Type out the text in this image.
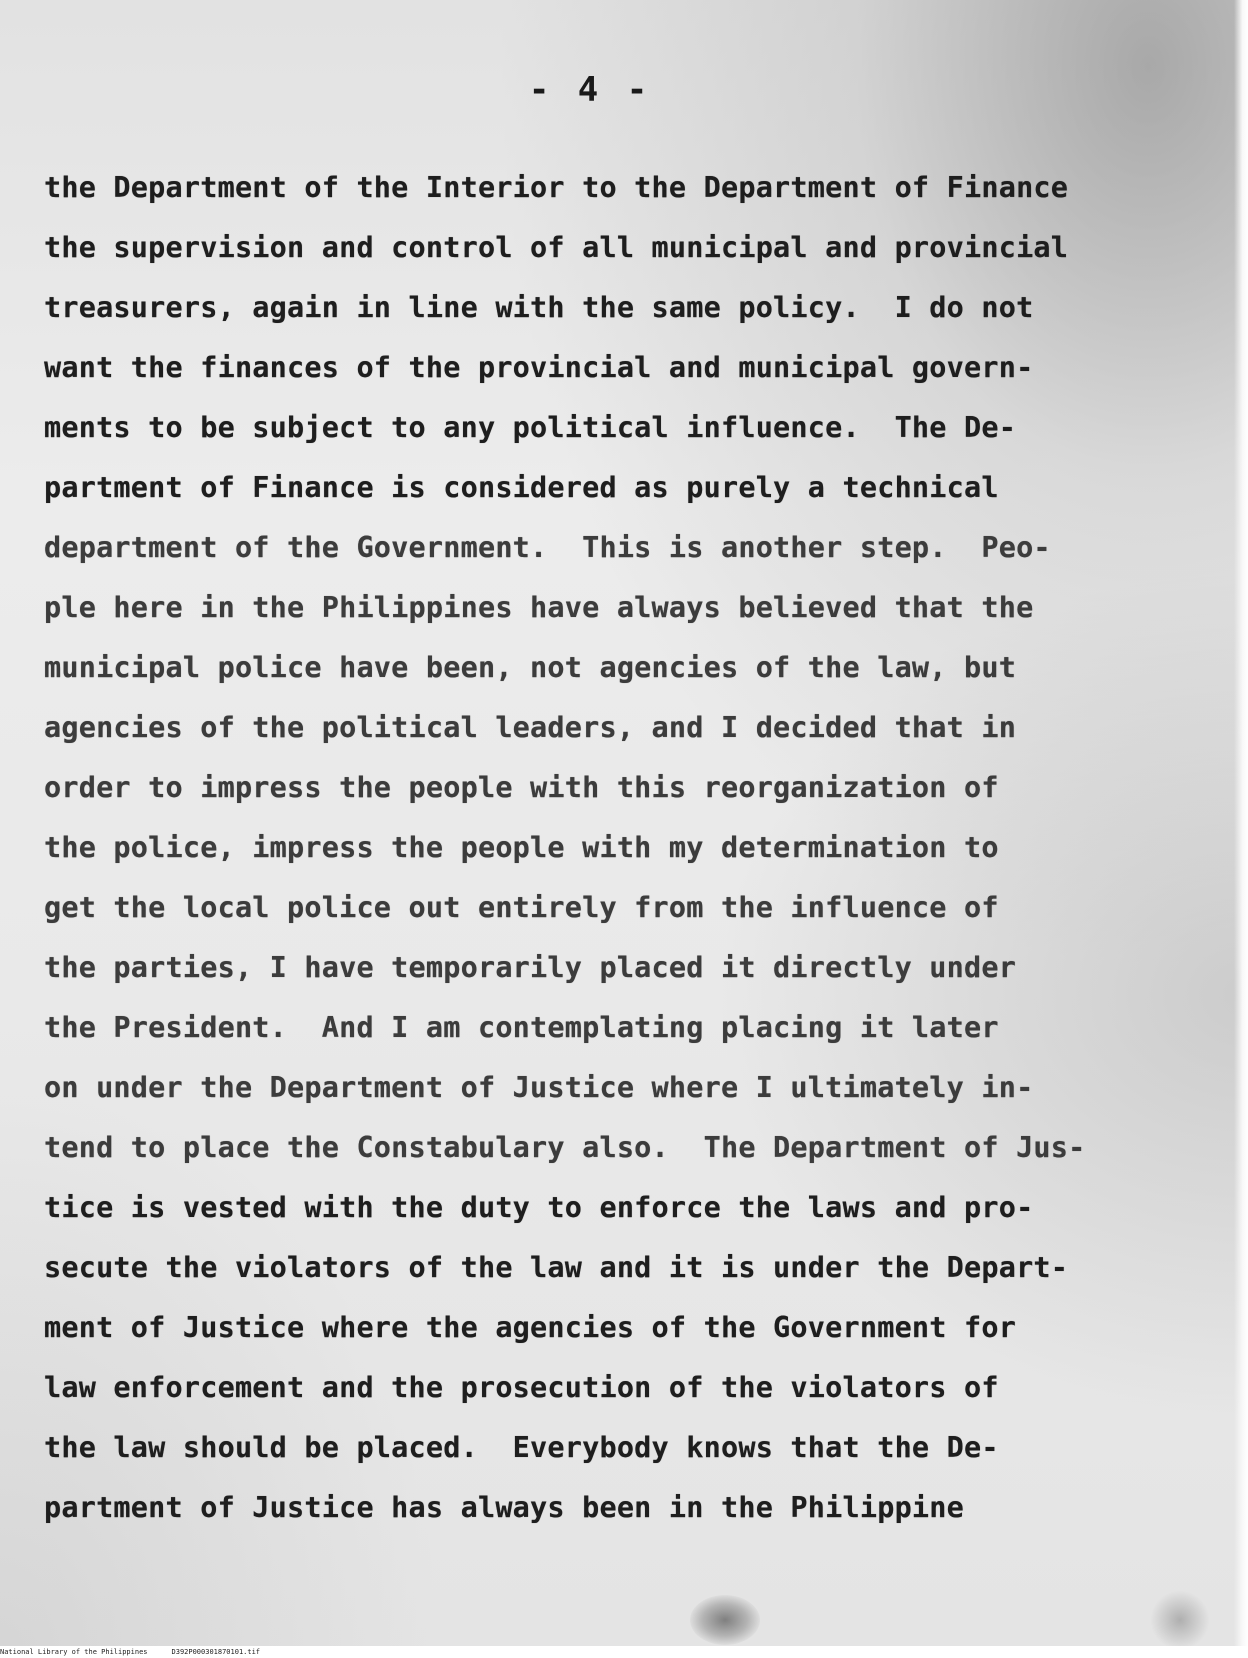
- 4 -
the Department of the Interior to the Department of Finance
the supervision and control of all municipal and provincial
treasurers, again in line with the same policy.  I do not
want the finances of the provincial and municipal govern-
ments to be subject to any political influence.  The De-
partment of Finance is considered as purely a technical
department of the Government.  This is another step.  Peo-
ple here in the Philippines have always believed that the
municipal police have been, not agencies of the law, but
agencies of the political leaders, and I decided that in
order to impress the people with this reorganization of
the police, impress the people with my determination to
get the local police out entirely from the influence of
the parties, I have temporarily placed it directly under
the President.  And I am contemplating placing it later
on under the Department of Justice where I ultimately in-
tend to place the Constabulary also.  The Department of Jus-
tice is vested with the duty to enforce the laws and pro-
secute the violators of the law and it is under the Depart-
ment of Justice where the agencies of the Government for
law enforcement and the prosecution of the violators of
the law should be placed.  Everybody knows that the De-
partment of Justice has always been in the Philippine
National Library of the Philippines	D392P000301870101.tif
